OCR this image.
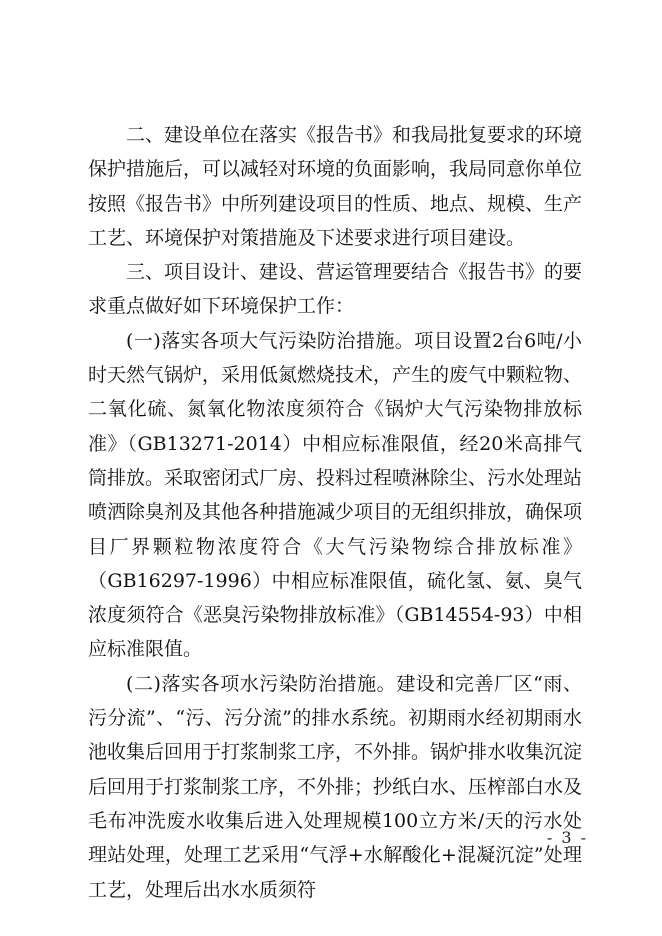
二、建设单位在落实《报告书》和我局批复要求的环境保护措施后，可以减轻对环境的负面影响，我局同意你单位按照《报告书》中所列建设项目的性质、地点、规模、生产工艺、环境保护对策措施及下述要求进行项目建设。

三、项目设计、建设、营运管理要结合《报告书》的要求重点做好如下环境保护工作：

(一)落实各项大气污染防治措施。项目设置2台6吨/小时天然气锅炉，采用低氮燃烧技术，产生的废气中颗粒物、二氧化硫、氮氧化物浓度须符合《锅炉大气污染物排放标准》（GB13271-2014）中相应标准限值，经20米高排气筒排放。采取密闭式厂房、投料过程喷淋除尘、污水处理站喷洒除臭剂及其他各种措施减少项目的无组织排放，确保项目厂界颗粒物浓度符合《大气污染物综合排放标准》（GB16297-1996）中相应标准限值，硫化氢、氨、臭气浓度须符合《恶臭污染物排放标准》（GB14554-93）中相应标准限值。

(二)落实各项水污染防治措施。建设和完善厂区“雨、污分流”、“污、污分流”的排水系统。初期雨水经初期雨水池收集后回用于打浆制浆工序，不外排。锅炉排水收集沉淀后回用于打浆制浆工序，不外排；抄纸白水、压榨部白水及毛布冲洗废水收集后进入处理规模100立方米/天的污水处理站处理，处理工艺采用“气浮+水解酸化+混凝沉淀”处理工艺，处理后出水水质须符

- 3 -
